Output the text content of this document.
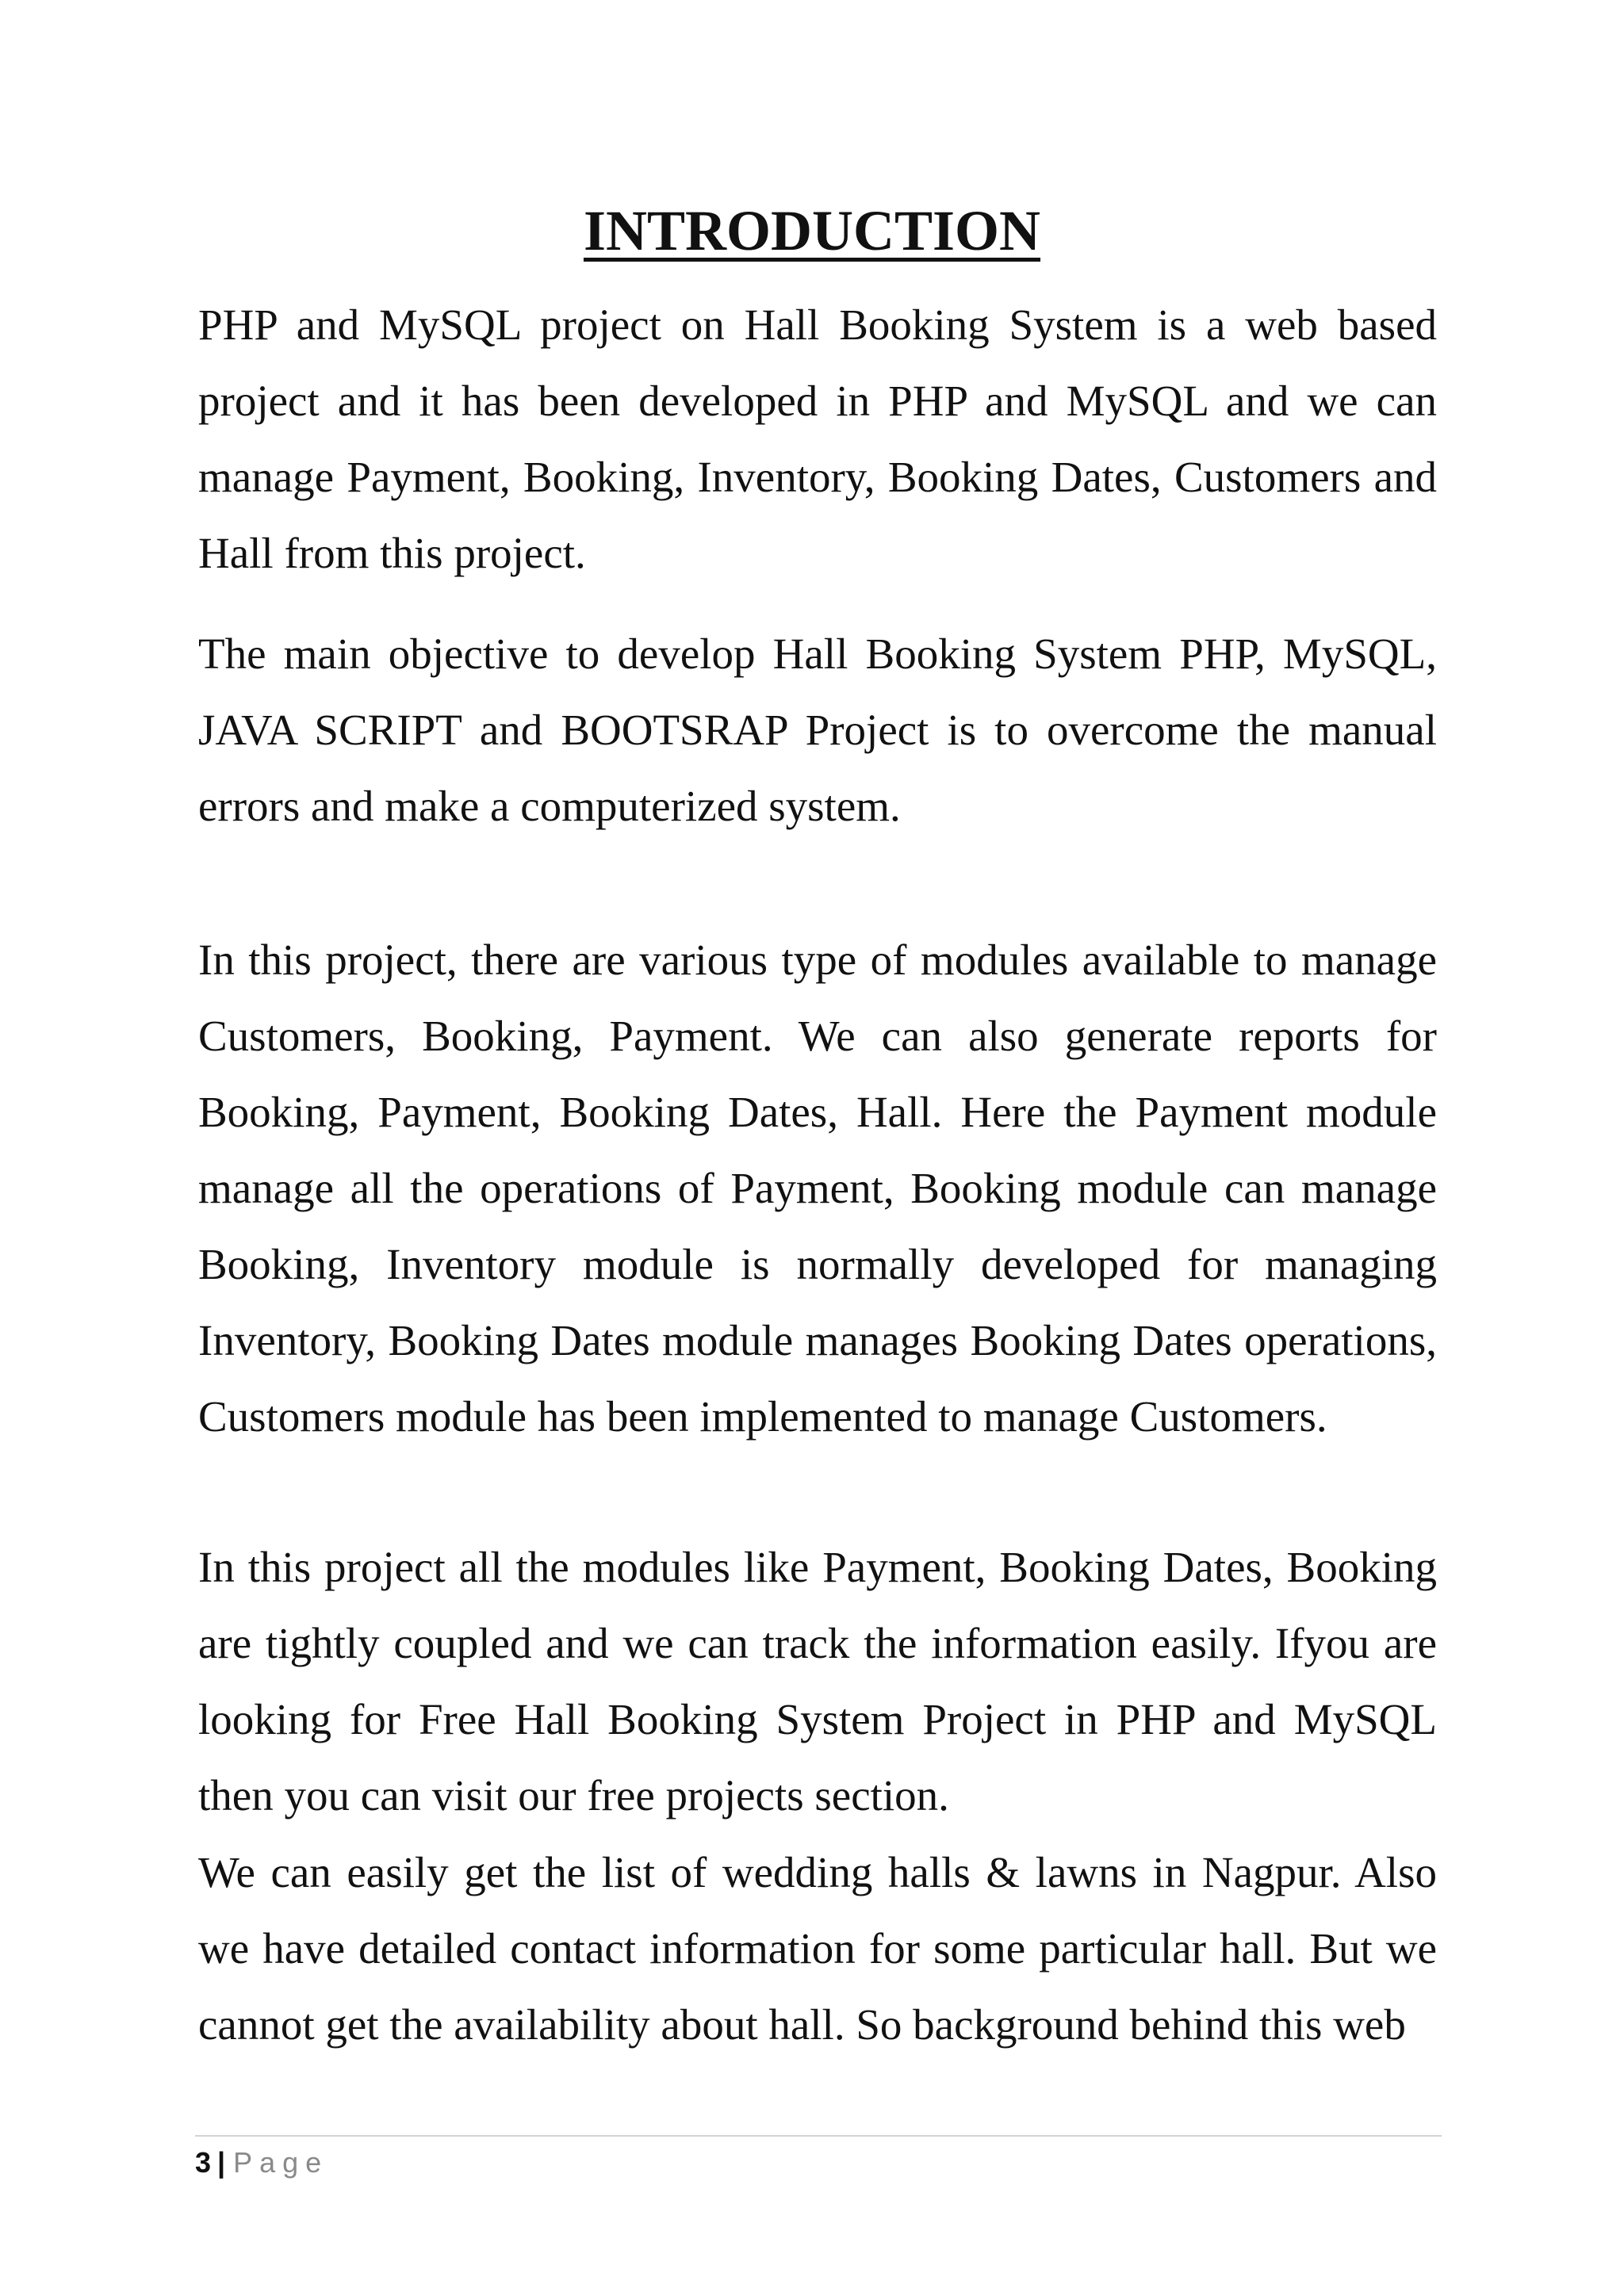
INTRODUCTION

PHP and MySQL project on Hall Booking System is a web based project and it has been developed in PHP and MySQL and we can manage Payment, Booking, Inventory, Booking Dates, Customers and Hall from this project.

The main objective to develop Hall Booking System PHP, MySQL, JAVA SCRIPT and BOOTSRAP Project is to overcome the manual errors and make a computerized system.

In this project, there are various type of modules available to manage Customers, Booking, Payment. We can also generate reports for Booking, Payment, Booking Dates, Hall. Here the Payment module manage all the operations of Payment, Booking module can manage Booking, Inventory module is normally developed for managing Inventory, Booking Dates module manages Booking Dates operations, Customers module has been implemented to manage Customers.

In this project all the modules like Payment, Booking Dates, Booking are tightly coupled and we can track the information easily. Ifyou are looking for Free Hall Booking System Project in PHP and MySQL then you can visit our free projects section.

We can easily get the list of wedding halls & lawns in Nagpur. Also we have detailed contact information for some particular hall. But we cannot get the availability about hall. So background behind this web

3 | Page
